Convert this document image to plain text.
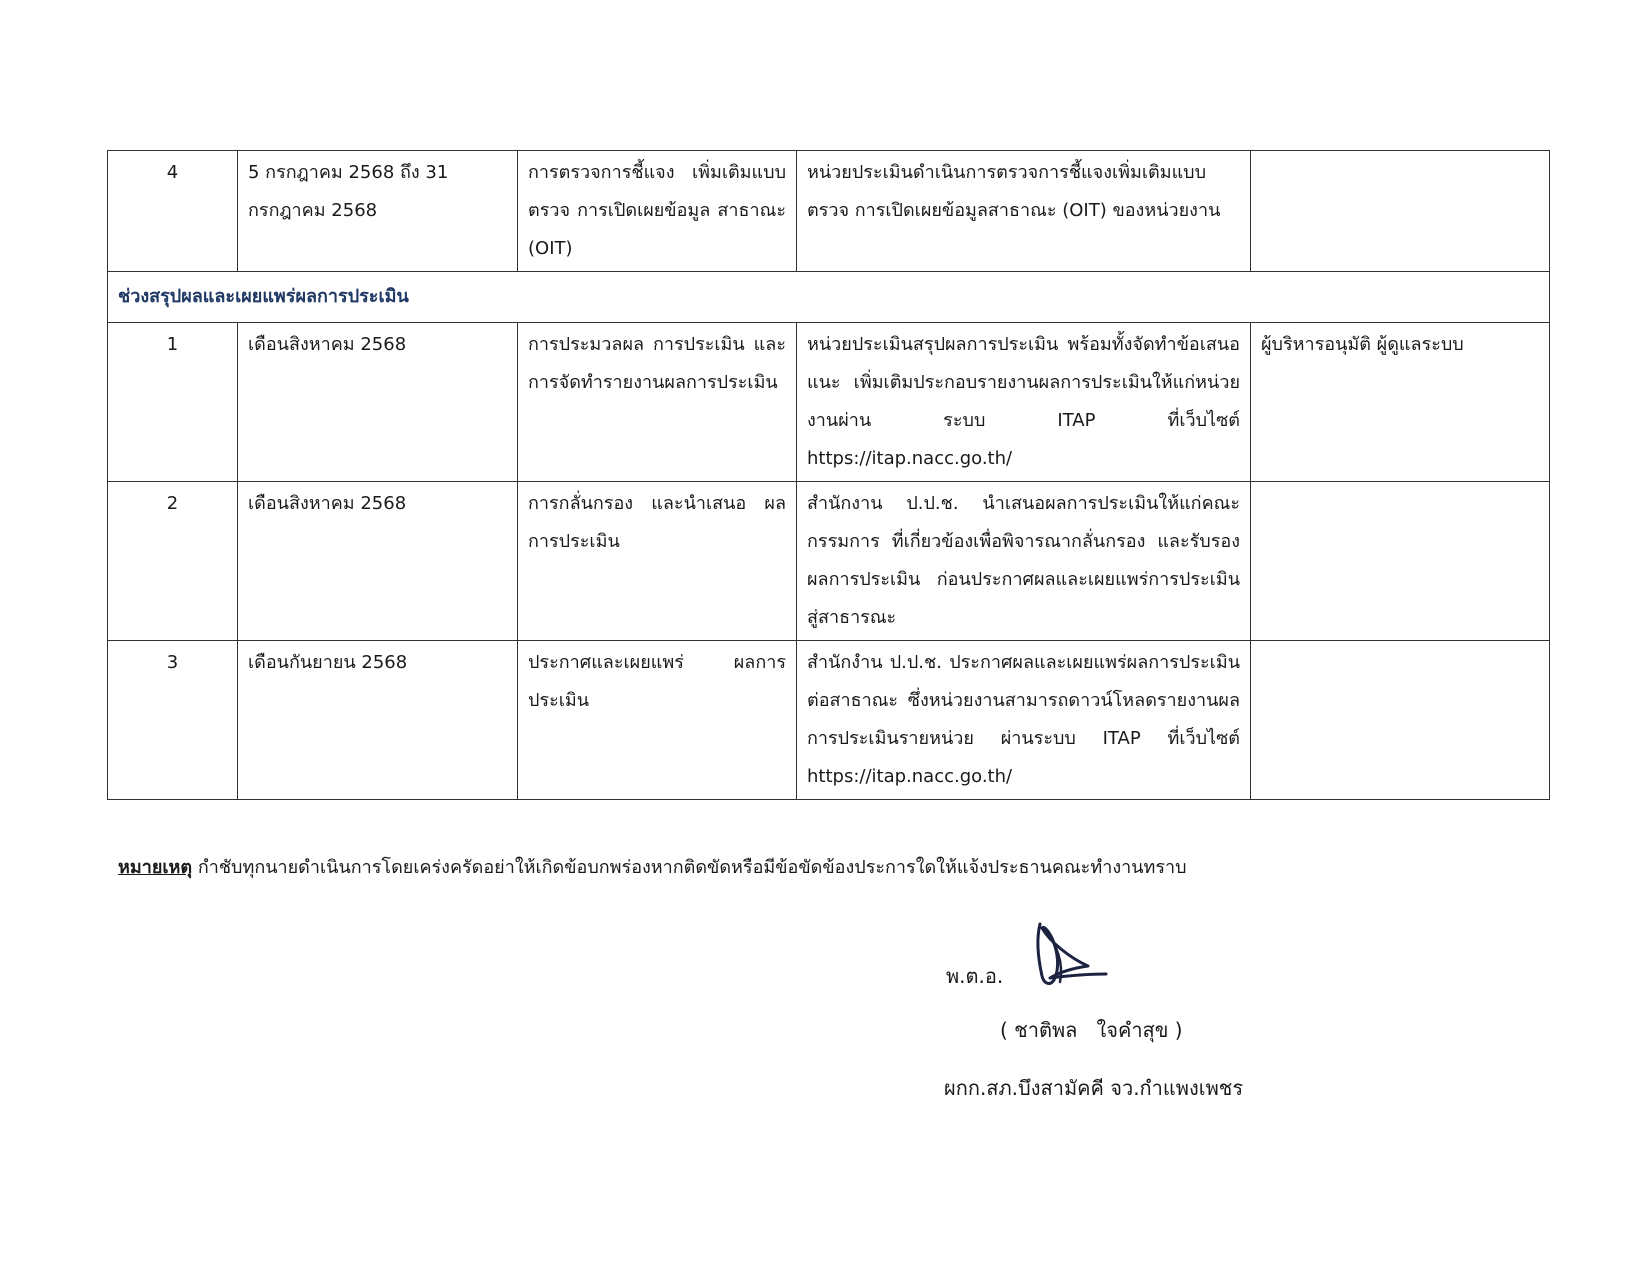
4	5 กรกฎาคม 2568 ถึง 31 กรกฎาคม 2568	การตรวจการชี้แจง เพิ่มเติมแบบตรวจ การเปิดเผยข้อมูล สาธาณะ (OIT)	หน่วยประเมินดำเนินการตรวจการชี้แจงเพิ่มเติมแบบตรวจ การเปิดเผยข้อมูลสาธาณะ (OIT) ของหน่วยงาน	
ช่วงสรุปผลและเผยแพร่ผลการประเมิน				
1	เดือนสิงหาคม 2568	การประมวลผล การประเมิน และการจัดทำรายงานผลการประเมิน	หน่วยประเมินสรุปผลการประเมิน พร้อมทั้งจัดทำข้อเสนอแนะ เพิ่มเติมประกอบรายงานผลการประเมินให้แก่หน่วยงานผ่าน ระบบ ITAP ที่เว็บไซต์ https://itap.nacc.go.th/	ผู้บริหารอนุมัติ ผู้ดูแลระบบ
2	เดือนสิงหาคม 2568	การกลั่นกรอง และนำเสนอ ผลการประเมิน	สำนักงาน ป.ป.ช. นำเสนอผลการประเมินให้แก่คณะกรรมการ ที่เกี่ยวข้องเพื่อพิจารณากลั่นกรอง และรับรองผลการประเมิน ก่อนประกาศผลและเผยแพร่การประเมินสู่สาธารณะ	
3	เดือนกันยายน 2568	ประกาศและเผยแพร่ ผลการประเมิน	สำนักงำน ป.ป.ช. ประกาศผลและเผยแพร่ผลการประเมินต่อสาธาณะ ซึ่งหน่วยงานสามารถดาวน์โหลดรายงานผลการประเมินรายหน่วย ผ่านระบบ ITAP ที่เว็บไซต์ https://itap.nacc.go.th/	
หมายเหตุ กำชับทุกนายดำเนินการโดยเคร่งครัดอย่าให้เกิดข้อบกพร่องหากติดขัดหรือมีข้อขัดข้องประการใดให้แจ้งประธานคณะทำงานทราบ
พ.ต.อ.
( ชาติพล   ใจคำสุข )
ผกก.สภ.บึงสามัคคี จว.กำแพงเพชร
